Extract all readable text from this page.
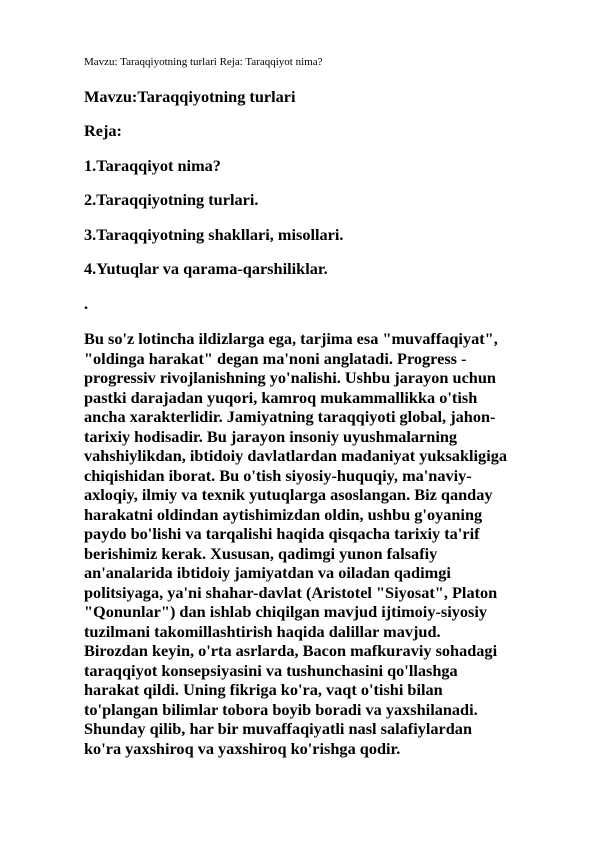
Mavzu: Taraqqiyotning turlari Reja: Taraqqiyot nima?
Mavzu:Taraqqiyotning turlari
Reja:
1.Taraqqiyot nima?
2.Taraqqiyotning turlari.
3.Taraqqiyotning shakllari, misollari.
4.Yutuqlar va qarama-qarshiliklar.
.
Bu so'z lotincha ildizlarga ega, tarjima esa "muvaffaqiyat",
"oldinga harakat" degan ma'noni anglatadi. Progress -
progressiv rivojlanishning yo'nalishi. Ushbu jarayon uchun
pastki darajadan yuqori, kamroq mukammallikka o'tish
ancha xarakterlidir. Jamiyatning taraqqiyoti global, jahon-
tarixiy hodisadir. Bu jarayon insoniy uyushmalarning
vahshiylikdan, ibtidoiy davlatlardan madaniyat yuksakligiga
chiqishidan iborat. Bu o'tish siyosiy-huquqiy, ma'naviy-
axloqiy, ilmiy va texnik yutuqlarga asoslangan. Biz qanday
harakatni oldindan aytishimizdan oldin, ushbu g'oyaning
paydo bo'lishi va tarqalishi haqida qisqacha tarixiy ta'rif
berishimiz kerak. Xususan, qadimgi yunon falsafiy
an'analarida ibtidoiy jamiyatdan va oiladan qadimgi
politsiyaga, ya'ni shahar-davlat (Aristotel "Siyosat", Platon
"Qonunlar") dan ishlab chiqilgan mavjud ijtimoiy-siyosiy
tuzilmani takomillashtirish haqida dalillar mavjud.
Birozdan keyin, o'rta asrlarda, Bacon mafkuraviy sohadagi
taraqqiyot konsepsiyasini va tushunchasini qo'llashga
harakat qildi. Uning fikriga ko'ra, vaqt o'tishi bilan
to'plangan bilimlar tobora boyib boradi va yaxshilanadi.
Shunday qilib, har bir muvaffaqiyatli nasl salafiylardan
ko'ra yaxshiroq va yaxshiroq ko'rishga qodir.
